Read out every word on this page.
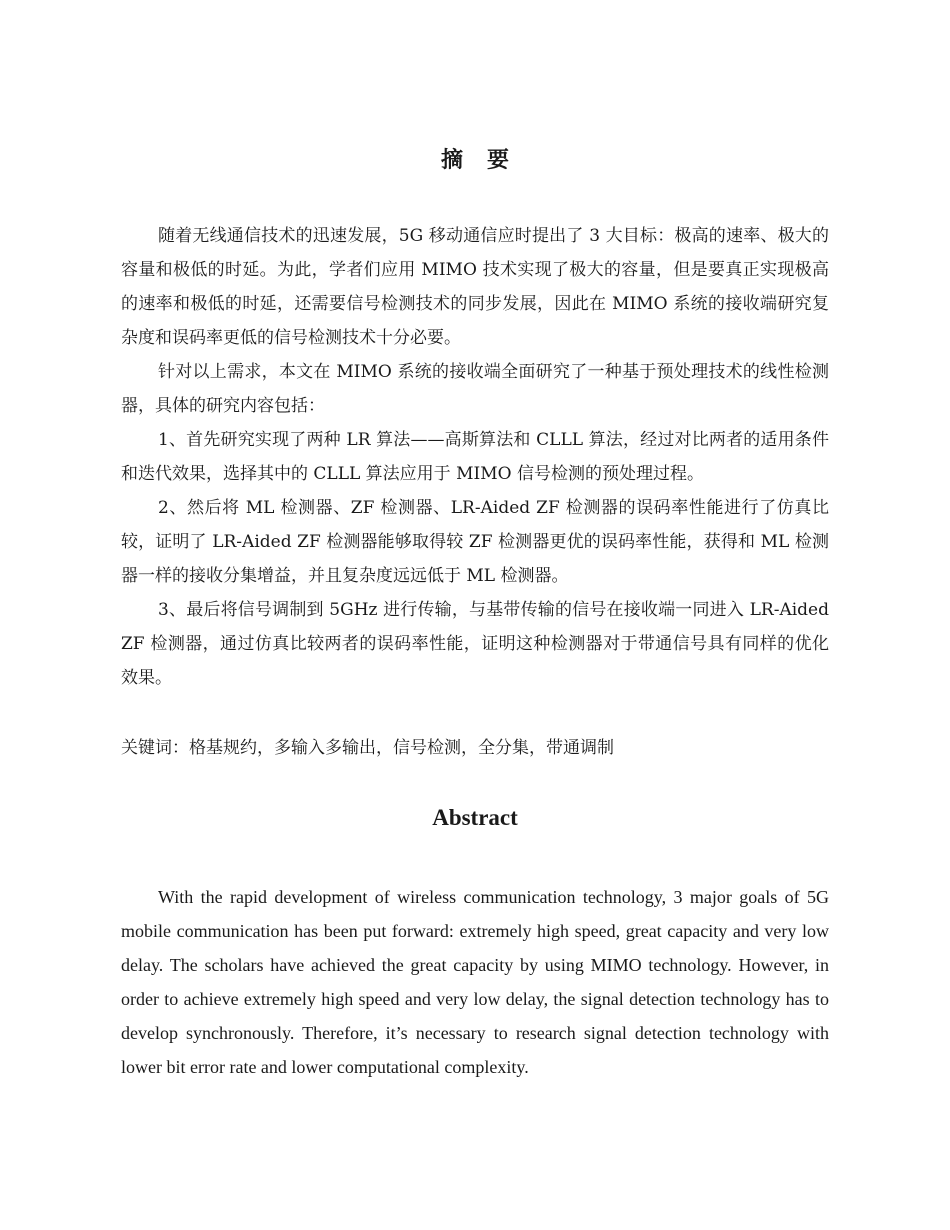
摘要

随着无线通信技术的迅速发展，5G 移动通信应时提出了 3 大目标：极高的速率、极大的容量和极低的时延。为此，学者们应用 MIMO 技术实现了极大的容量，但是要真正实现极高的速率和极低的时延，还需要信号检测技术的同步发展，因此在 MIMO 系统的接收端研究复杂度和误码率更低的信号检测技术十分必要。

针对以上需求，本文在 MIMO 系统的接收端全面研究了一种基于预处理技术的线性检测器，具体的研究内容包括：

1、首先研究实现了两种 LR 算法——高斯算法和 CLLL 算法，经过对比两者的适用条件和迭代效果，选择其中的 CLLL 算法应用于 MIMO 信号检测的预处理过程。

2、然后将 ML 检测器、ZF 检测器、LR-Aided ZF 检测器的误码率性能进行了仿真比较，证明了 LR-Aided ZF 检测器能够取得较 ZF 检测器更优的误码率性能，获得和 ML 检测器一样的接收分集增益，并且复杂度远远低于 ML 检测器。

3、最后将信号调制到 5GHz 进行传输，与基带传输的信号在接收端一同进入 LR-Aided ZF 检测器，通过仿真比较两者的误码率性能，证明这种检测器对于带通信号具有同样的优化效果。

关键词：格基规约，多输入多输出，信号检测，全分集，带通调制

Abstract

With the rapid development of wireless communication technology, 3 major goals of 5G mobile communication has been put forward: extremely high speed, great capacity and very low delay. The scholars have achieved the great capacity by using MIMO technology. However, in order to achieve extremely high speed and very low delay, the signal detection technology has to develop synchronously. Therefore, it’s necessary to research signal detection technology with lower bit error rate and lower computational complexity.
